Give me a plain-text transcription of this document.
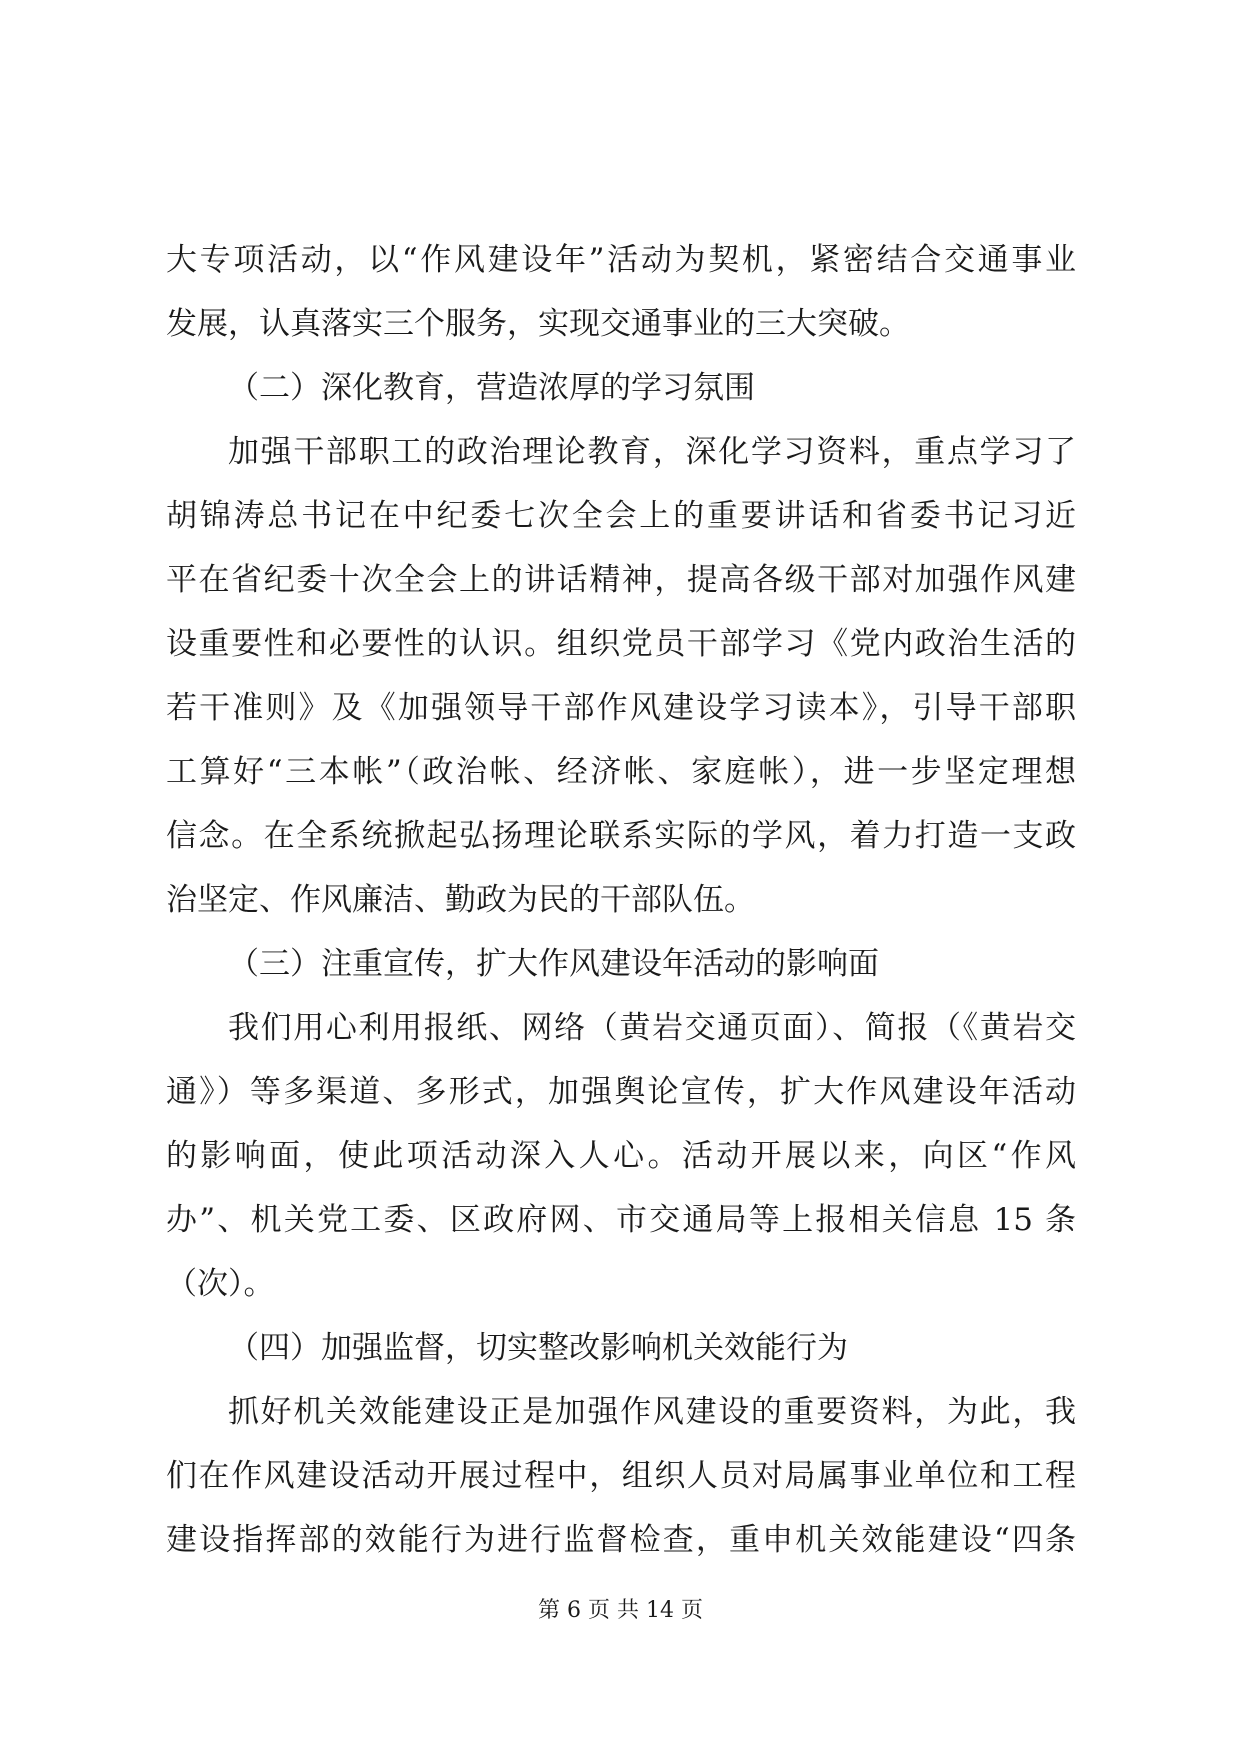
大专项活动，以“作风建设年”活动为契机，紧密结合交通事业
发展，认真落实三个服务，实现交通事业的三大突破。
（二）深化教育，营造浓厚的学习氛围
加强干部职工的政治理论教育，深化学习资料，重点学习了
胡锦涛总书记在中纪委七次全会上的重要讲话和省委书记习近
平在省纪委十次全会上的讲话精神，提高各级干部对加强作风建
设重要性和必要性的认识。组织党员干部学习《党内政治生活的
若干准则》及《加强领导干部作风建设学习读本》，引导干部职
工算好“三本帐”（政治帐、经济帐、家庭帐），进一步坚定理想
信念。在全系统掀起弘扬理论联系实际的学风，着力打造一支政
治坚定、作风廉洁、勤政为民的干部队伍。
（三）注重宣传，扩大作风建设年活动的影响面
我们用心利用报纸、网络（黄岩交通页面）、简报（《黄岩交
通》）等多渠道、多形式，加强舆论宣传，扩大作风建设年活动
的影响面，使此项活动深入人心。活动开展以来，向区“作风
办”、机关党工委、区政府网、市交通局等上报相关信息 15 条
（次）。
（四）加强监督，切实整改影响机关效能行为
抓好机关效能建设正是加强作风建设的重要资料，为此，我
们在作风建设活动开展过程中，组织人员对局属事业单位和工程
建设指挥部的效能行为进行监督检查，重申机关效能建设“四条
第 6 页 共 14 页
